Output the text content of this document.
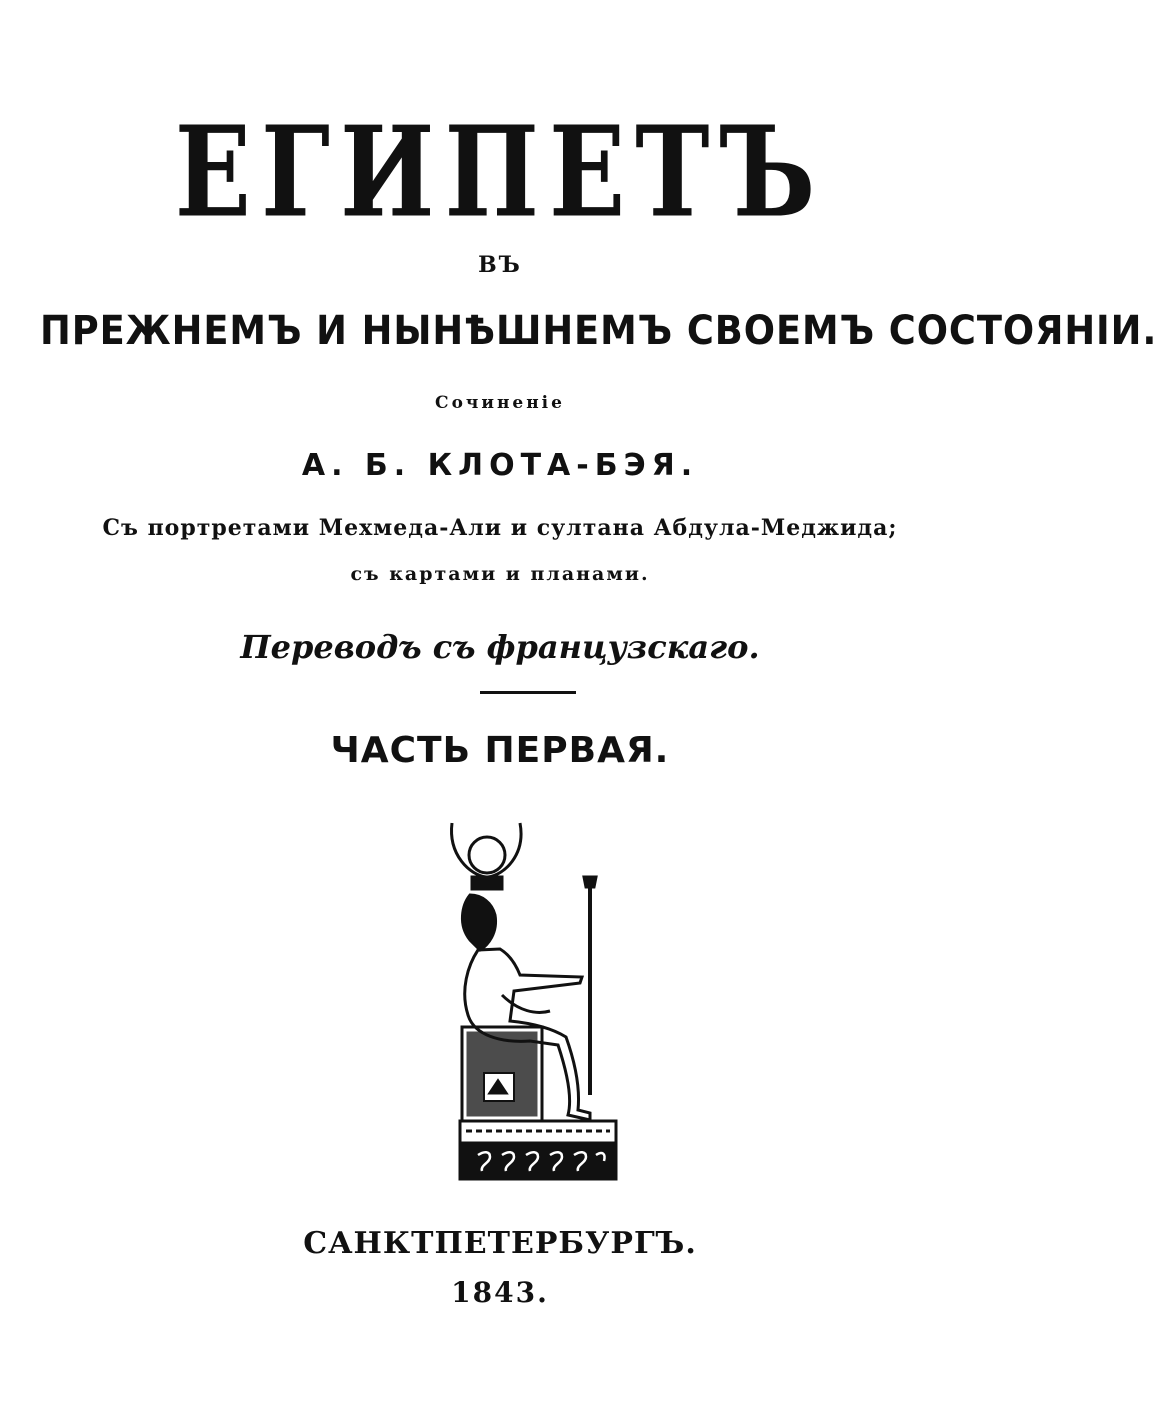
ЕГИПЕТЪ
ВЪ
ПРЕЖНЕМЪ И НЫНѢШНЕМЪ СВОЕМЪ СОСТОЯНІИ.
Сочиненіе
А. Б. КЛОТА-БЭЯ.
Съ портретами Мехмеда-Али и султана Абдула-Меджида;
съ картами и планами.
Переводъ съ французскаго.
ЧАСТЬ ПЕРВАЯ.
САНКТПЕТЕРБУРГЪ.
1843.
